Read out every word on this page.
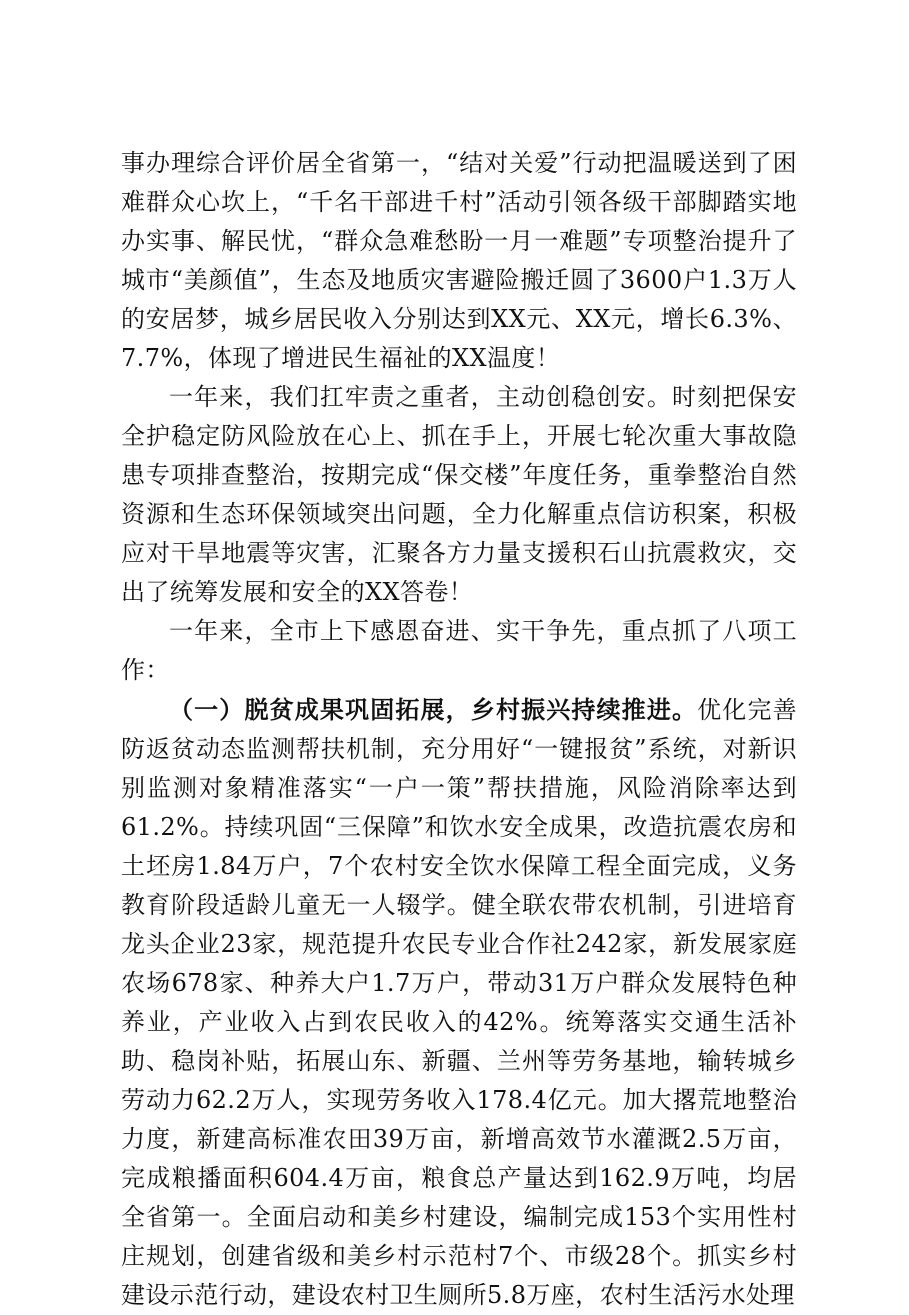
事办理综合评价居全省第一，“结对关爱”行动把温暖送到了困难群众心坎上，“千名干部进千村”活动引领各级干部脚踏实地办实事、解民忧，“群众急难愁盼一月一难题”专项整治提升了城市“美颜值”，生态及地质灾害避险搬迁圆了3600户1.3万人的安居梦，城乡居民收入分别达到XX元、XX元，增长6.3%、7.7%，体现了增进民生福祉的XX温度！

一年来，我们扛牢责之重者，主动创稳创安。时刻把保安全护稳定防风险放在心上、抓在手上，开展七轮次重大事故隐患专项排查整治，按期完成“保交楼”年度任务，重拳整治自然资源和生态环保领域突出问题，全力化解重点信访积案，积极应对干旱地震等灾害，汇聚各方力量支援积石山抗震救灾，交出了统筹发展和安全的XX答卷！

一年来，全市上下感恩奋进、实干争先，重点抓了八项工作：

（一）脱贫成果巩固拓展，乡村振兴持续推进。优化完善防返贫动态监测帮扶机制，充分用好“一键报贫”系统，对新识别监测对象精准落实“一户一策”帮扶措施，风险消除率达到61.2%。持续巩固“三保障”和饮水安全成果，改造抗震农房和土坯房1.84万户，7个农村安全饮水保障工程全面完成，义务教育阶段适龄儿童无一人辍学。健全联农带农机制，引进培育龙头企业23家，规范提升农民专业合作社242家，新发展家庭农场678家、种养大户1.7万户，带动31万户群众发展特色种养业，产业收入占到农民收入的42%。统筹落实交通生活补助、稳岗补贴，拓展山东、新疆、兰州等劳务基地，输转城乡劳动力62.2万人，实现劳务收入178.4亿元。加大撂荒地整治力度，新建高标准农田39万亩，新增高效节水灌溉2.5万亩，完成粮播面积604.4万亩，粮食总产量达到162.9万吨，均居全省第一。全面启动和美乡村建设，编制完成153个实用性村庄规划，创建省级和美乡村示范村7个、市级28个。抓实乡村建设示范行动，建设农村卫生厕所5.8万座，农村生活污水处理
